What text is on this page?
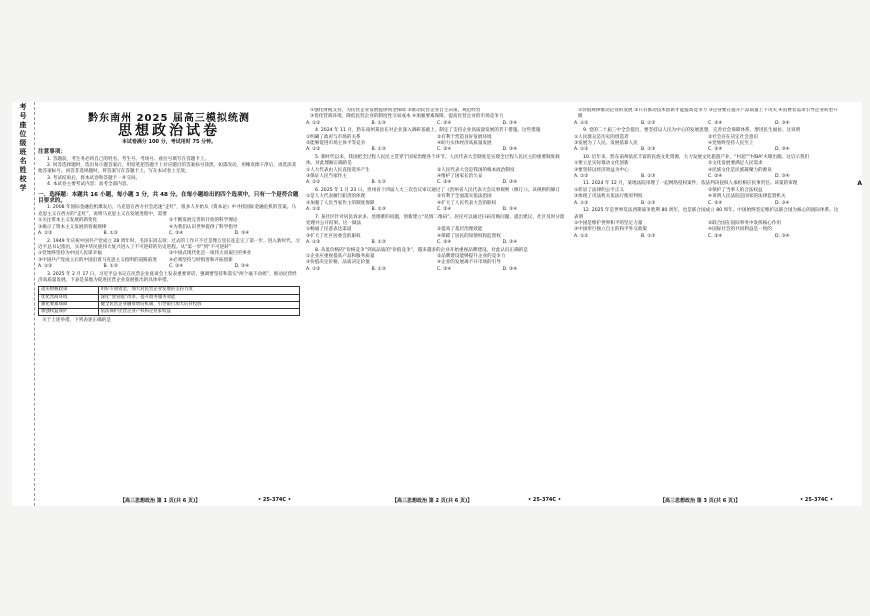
考
号
座
位
级
班
名
姓
校
学
黔东南州 2025 届高三模拟统测
思想政治试卷
本试卷满分 100 分，考试用时 75 分钟。
注意事项：

1. 答题前，考生务必将自己的姓名、考生号、考场号、座位号填写在答题卡上。

2. 回答选择题时，选出每小题答案后，用铅笔把答题卡上对应题目的答案标号涂黑。如需改动，用橡皮擦干净后，再选涂其他答案标号。回答非选择题时，将答案写在答题卡上。写在本试卷上无效。

3. 考试结束后，将本试卷和答题卡一并交回。

4. 本试卷主要考试内容：高考全部内容。

一、选择题：本题共 16 小题，每小题 3 分，共 48 分。在每小题给出的四个选项中，只有一个是符合题目要求的。

1. 2008 年国际金融危机爆发后，马克思在西方社会迅速“走红”，很多人开始从《资本论》中寻找国际金融危机的答案。马克思主义在西方的“走红”，说明马克思主义在发展进程中，需要

①关注资本主义发展的新变化	②不断发展完善的开放的科学理论
③揭示了资本主义发展的客观规律	④为我们认识世界提供了科学指导
A. ①②	B. ①③	C. ②④	D. ③④

2. 1949 年庆祝中国共产党成立 28 周年时，毛泽东同志说：过去的工作只不过是像万里长征走完了第一步。进入新时代，习近平总书记指出，实现中华民族伟大复兴进入了不可逆转的历史进程。从“第一步”到“不可逆转”

①党始终坚持为中国人民谋幸福	②中国式现代化是一项伟大而艰巨的事业
③中国共产党成立后的中国沿着马克思主义指明的道路前进	④必须坚持与时俱进和开拓创新
A. ①②	B. ①③	C. ②④	D. ③④

3. 2025 年 2 月 17 日，习近平总书记在民营企业座谈会上发表重要讲话，强调要坚持和落实“两个毫不动摇”，推动民营经济高质量发展。下表是某地为促进民营企业发展推出的具体举措。

落实财税政策	用好专项资金，加大对民营企业发展的支持力度
优化营商环境	深化“放管服”改革，提升政务服务效能
强化要素保障	健全民营企业融资增信机制，引导银行加大信贷投放
加强权益保护	依法保护民营企业产权和企业家权益

关于上述举措，下列表述正确的是

①强化财税支持，为民营企业发展提供资金保障 ②推动民营企业自主决策，规范经营

③优化营商环境，降低民营企业的制度性交易成本 ④加强要素保障，提高民营企业的市场竞争力

A. ①②	B. ①③	C. ②④	D. ③④

4. 2024 年 11 月，黔东南州某县在对企业深入调研基础上，制定了支持企业高质量发展的若干措施。这些措施

①明确了政府与市场的关系	②有利于营造良好发展环境
③能够促进市场主体平等竞争	④助力实体经济高质量发展
A. ①②	B. ①③	C. ②④	D. ③④

5. 新时代以来，我国把全过程人民民主贯穿于国家治理各个环节。人民代表大会制度是实现全过程人民民主的重要制度载体。对此理解正确的是

①人大代表由人民直接选举产生	②人民代表大会是我国的根本政治制度
③保证人民当家作主	④维护了国家长治久安
A. ①②	B. ①③	C. ②④	D. ③④

6. 2025 年 1 月 23 日，贵州省十四届人大三次会议审议通过了《贵州省人民代表大会议事规则（修订）》。该规则的修订

①是人大代表履行职责的体现	②有利于全面落实依法治国
③加强了人民当家作主的制度保障	④扩大了人民代表大会的职权
A. ①②	B. ①③	C. ②④	D. ③④

7. 某社区针对居民诉求多、处理难的问题，创新建立“民情二维码”。居民可以通过扫码反映问题、提出建议，社区及时分派处理并公开结果。这一做法

①畅通了民意表达渠道	②提高了基层治理效能
③扩大了社区居委会的职权	④保障了居民的知情权和监督权
A. ①②	B. ①③	C. ②④	D. ③④

8. 从低价格的“价格竞争”到高品质的“价值竞争”，越来越多的企业开始重视品牌建设。对此认识正确的是

①企业应重视提高产品和服务质量	②品牌建设能够提升企业的竞争力
③价值决定价格，品质决定价值	④企业的发展离不开市场的引导
A. ①②	B. ①③	C. ②④	D. ③④

①价值规律推动企业的发展 ②只有推动技术创新才能提高竞争力 ③企业要在提升产品质量上下功夫 ④消费者需求引导企业转型升级

A. ①②	B. ①③	C. ②④	D. ③④

9. 党的二十届三中全会提出，要坚持以人民为中心的发展思想，完善社会保障体系，增进民生福祉。这说明

①人民群众是历史的创造者	②社会存在决定社会意识
③发展为了人民、发展依靠人民	④党始终坚持人民至上
A. ①②	B. ①③	C. ②④	D. ③④

10. 近年来，黔东南州依托丰富的民族文化资源，大力发展文化旅游产业，“村超”“村BA”火爆出圈。这启示我们

①要立足实际推动文化创新	②文化发展要满足人民需求
③要坚持以经济效益为中心	④民族文化是民族凝聚力的源泉
A. ①②	B. ①③	C. ②④	D. ③④

11. 2024 年 12 月，某地法院审理了一起网络侵权案件，依法判决侵权人承担相应民事责任。该案的审理

①彰显了法律的公平正义	②保护了当事人的合法权益
③体现了司法机关依法行使审判权	④说明人民法院是国家的法律监督机关
A. ①②	B. ①③	C. ②④	D. ③④

12. 2025 年是世界反法西斯战争胜利 80 周年，也是联合国成立 80 周年。中国始终坚定维护以联合国为核心的国际体系。这表明

①中国是维护世界和平的坚定力量	②联合国在国际事务中发挥核心作用
③中国奉行独立自主的和平外交政策	④国际社会的共同利益是一致的
A. ①②	B. ①③	C. ②④	D. ③④
【高三思想政治 第 1 页(共 6 页)】	• 25-374C •	【高三思想政治 第 2 页(共 6 页)】	• 25-374C •	【高三思想政治 第 3 页(共 6 页)】	• 25-374C •
A
